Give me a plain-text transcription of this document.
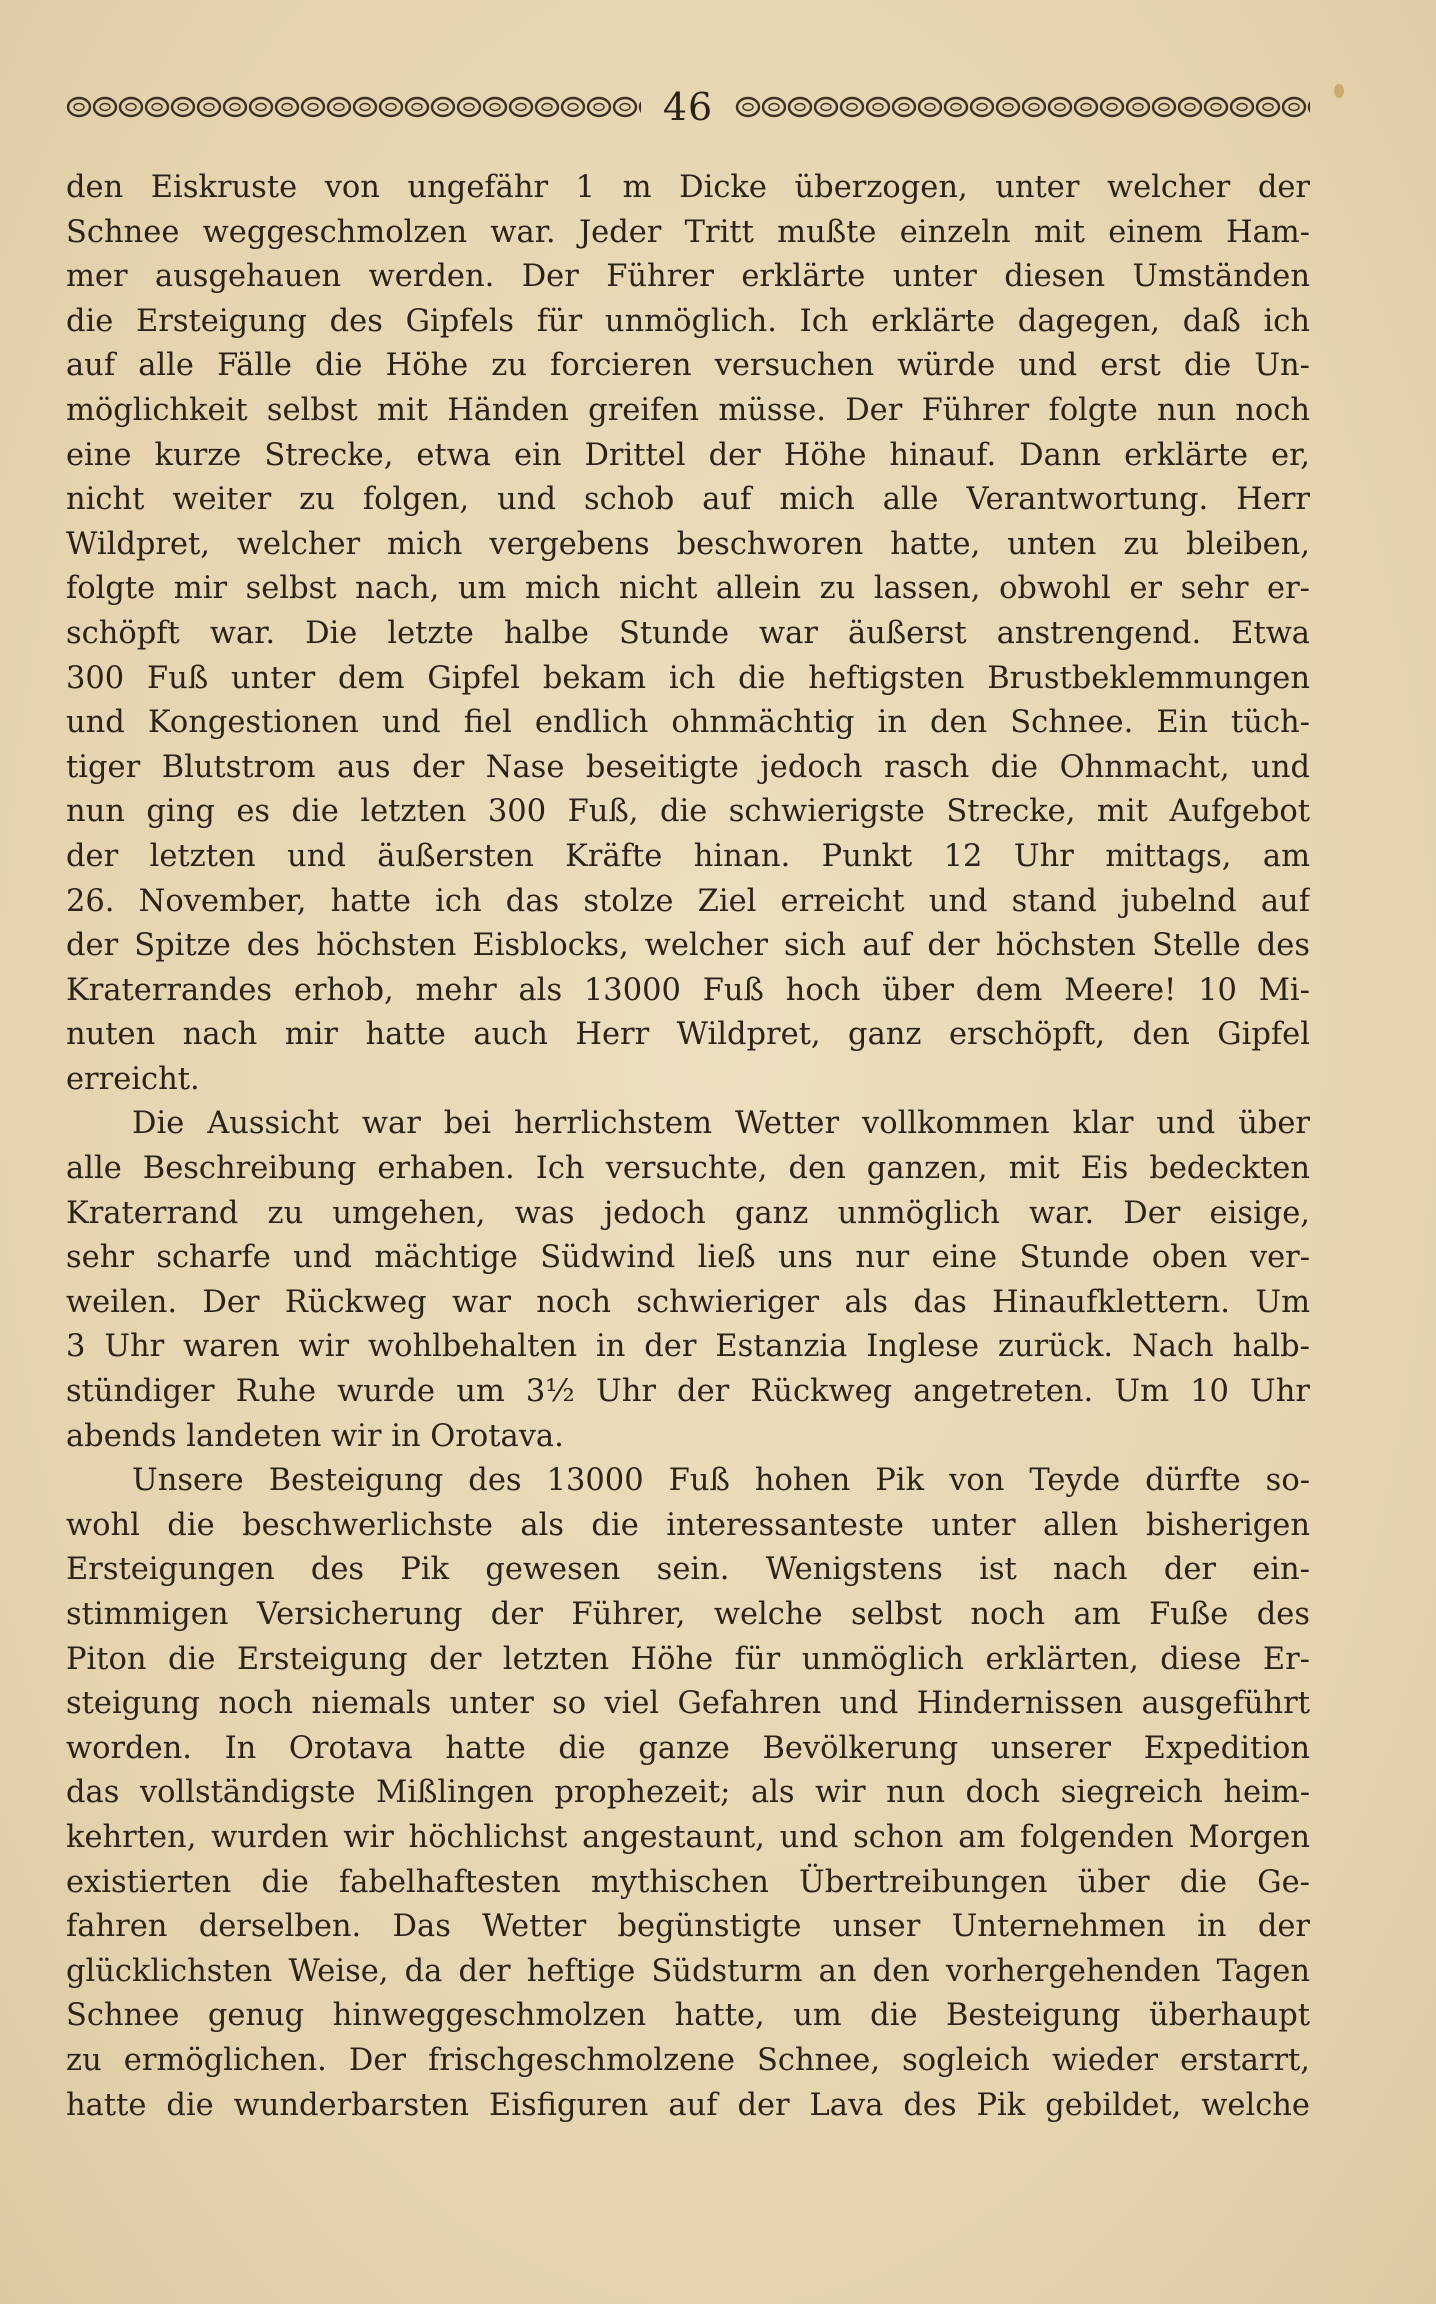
46
den Eiskruste von ungefähr 1 m Dicke überzogen, unter welcher der
Schnee weggeschmolzen war. Jeder Tritt mußte einzeln mit einem Ham-
mer ausgehauen werden. Der Führer erklärte unter diesen Umständen
die Ersteigung des Gipfels für unmöglich. Ich erklärte dagegen, daß ich
auf alle Fälle die Höhe zu forcieren versuchen würde und erst die Un-
möglichkeit selbst mit Händen greifen müsse. Der Führer folgte nun noch
eine kurze Strecke, etwa ein Drittel der Höhe hinauf. Dann erklärte er,
nicht weiter zu folgen, und schob auf mich alle Verantwortung. Herr
Wildpret, welcher mich vergebens beschworen hatte, unten zu bleiben,
folgte mir selbst nach, um mich nicht allein zu lassen, obwohl er sehr er-
schöpft war. Die letzte halbe Stunde war äußerst anstrengend. Etwa
300 Fuß unter dem Gipfel bekam ich die heftigsten Brustbeklemmungen
und Kongestionen und fiel endlich ohnmächtig in den Schnee. Ein tüch-
tiger Blutstrom aus der Nase beseitigte jedoch rasch die Ohnmacht, und
nun ging es die letzten 300 Fuß, die schwierigste Strecke, mit Aufgebot
der letzten und äußersten Kräfte hinan. Punkt 12 Uhr mittags, am
26. November, hatte ich das stolze Ziel erreicht und stand jubelnd auf
der Spitze des höchsten Eisblocks, welcher sich auf der höchsten Stelle des
Kraterrandes erhob, mehr als 13000 Fuß hoch über dem Meere! 10 Mi-
nuten nach mir hatte auch Herr Wildpret, ganz erschöpft, den Gipfel
erreicht.
Die Aussicht war bei herrlichstem Wetter vollkommen klar und über
alle Beschreibung erhaben. Ich versuchte, den ganzen, mit Eis bedeckten
Kraterrand zu umgehen, was jedoch ganz unmöglich war. Der eisige,
sehr scharfe und mächtige Südwind ließ uns nur eine Stunde oben ver-
weilen. Der Rückweg war noch schwieriger als das Hinaufklettern. Um
3 Uhr waren wir wohlbehalten in der Estanzia Inglese zurück. Nach halb-
stündiger Ruhe wurde um 3½ Uhr der Rückweg angetreten. Um 10 Uhr
abends landeten wir in Orotava.
Unsere Besteigung des 13000 Fuß hohen Pik von Teyde dürfte so-
wohl die beschwerlichste als die interessanteste unter allen bisherigen
Ersteigungen des Pik gewesen sein. Wenigstens ist nach der ein-
stimmigen Versicherung der Führer, welche selbst noch am Fuße des
Piton die Ersteigung der letzten Höhe für unmöglich erklärten, diese Er-
steigung noch niemals unter so viel Gefahren und Hindernissen ausgeführt
worden. In Orotava hatte die ganze Bevölkerung unserer Expedition
das vollständigste Mißlingen prophezeit; als wir nun doch siegreich heim-
kehrten, wurden wir höchlichst angestaunt, und schon am folgenden Morgen
existierten die fabelhaftesten mythischen Übertreibungen über die Ge-
fahren derselben. Das Wetter begünstigte unser Unternehmen in der
glücklichsten Weise, da der heftige Südsturm an den vorhergehenden Tagen
Schnee genug hinweggeschmolzen hatte, um die Besteigung überhaupt
zu ermöglichen. Der frischgeschmolzene Schnee, sogleich wieder erstarrt,
hatte die wunderbarsten Eisfiguren auf der Lava des Pik gebildet, welche
